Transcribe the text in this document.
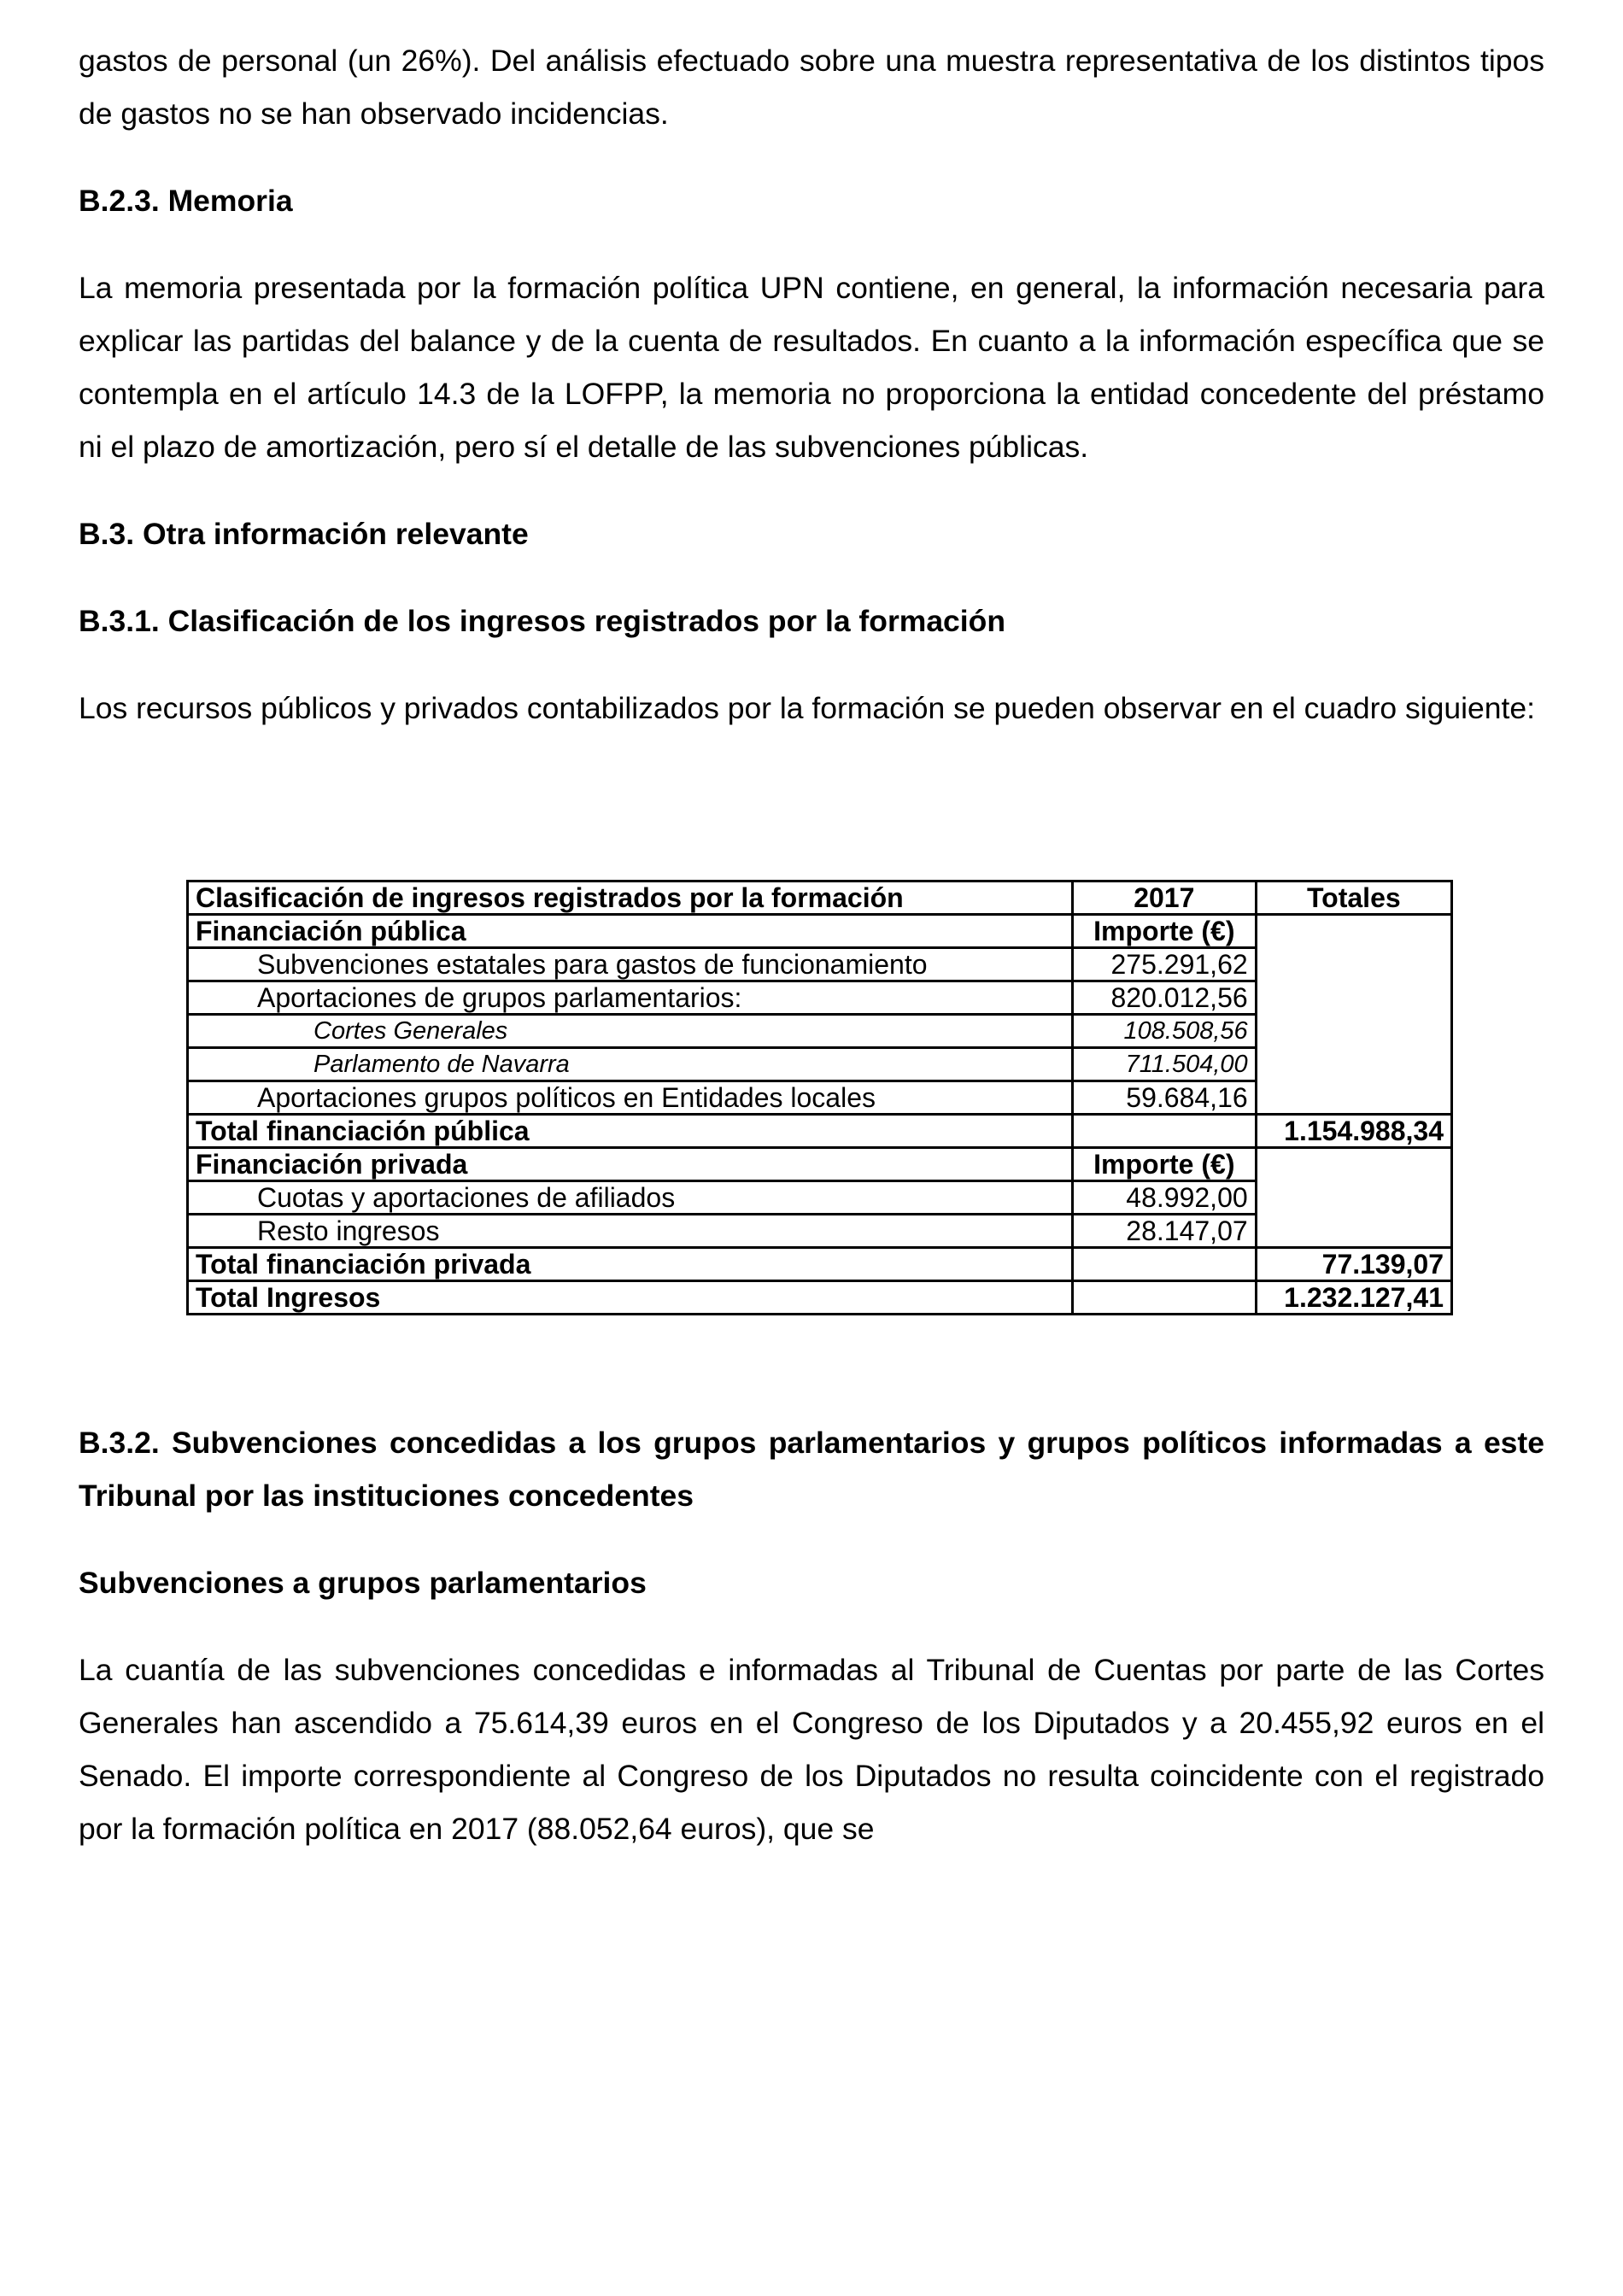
gastos de personal (un 26%). Del análisis efectuado sobre una muestra representativa de los distintos tipos de gastos no se han observado incidencias.

B.2.3. Memoria

La memoria presentada por la formación política UPN contiene, en general, la información necesaria para explicar las partidas del balance y de la cuenta de resultados. En cuanto a la información específica que se contempla en el artículo 14.3 de la LOFPP, la memoria no proporciona la entidad concedente del préstamo ni el plazo de amortización, pero sí el detalle de las subvenciones públicas.

B.3. Otra información relevante

B.3.1. Clasificación de los ingresos registrados por la formación

Los recursos públicos y privados contabilizados por la formación se pueden observar en el cuadro siguiente:

Clasificación de ingresos registrados por la formación	2017	Totales
Financiación pública	Importe (€)	
Subvenciones estatales para gastos de funcionamiento	275.291,62	
Aportaciones de grupos parlamentarios:	820.012,56	
Cortes Generales	108.508,56	
Parlamento de Navarra	711.504,00	
Aportaciones grupos políticos en Entidades locales	59.684,16	
Total financiación pública		1.154.988,34
Financiación privada	Importe (€)	
Cuotas y aportaciones de afiliados	48.992,00	
Resto ingresos	28.147,07	
Total financiación privada		77.139,07
Total Ingresos		1.232.127,41

B.3.2. Subvenciones concedidas a los grupos parlamentarios y grupos políticos informadas a este Tribunal por las instituciones concedentes

Subvenciones a grupos parlamentarios

La cuantía de las subvenciones concedidas e informadas al Tribunal de Cuentas por parte de las Cortes Generales han ascendido a 75.614,39 euros en el Congreso de los Diputados y a 20.455,92 euros en el Senado. El importe correspondiente al Congreso de los Diputados no resulta coincidente con el registrado por la formación política en 2017 (88.052,64 euros), que se
